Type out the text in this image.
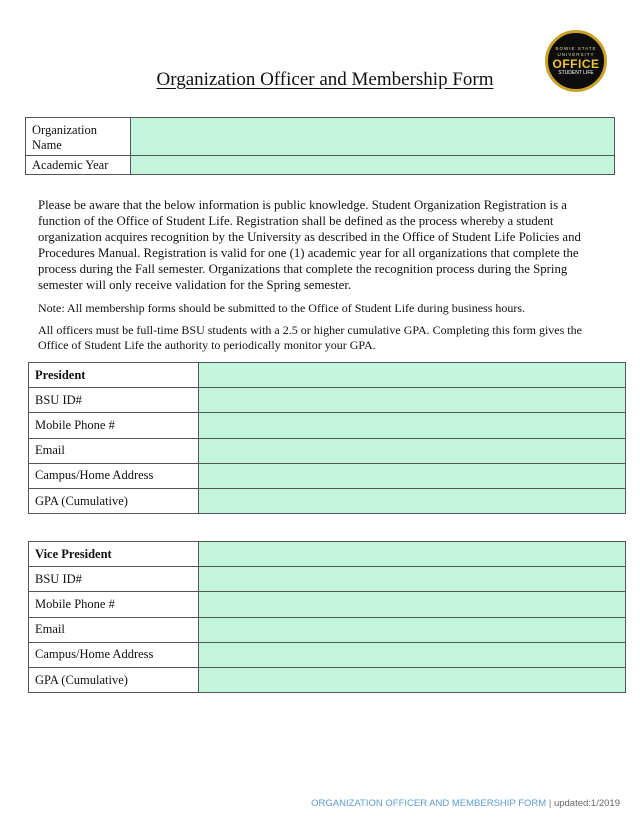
BOWIE STATE
UNIVERSITY
OFFICE
STUDENT LIFE
Organization Officer and Membership Form
Organization Name	
Academic Year	

Please be aware that the below information is public knowledge. Student Organization Registration is a function of the Office of Student Life. Registration shall be defined as the process whereby a student organization acquires recognition by the University as described in the Office of Student Life Policies and Procedures Manual. Registration is valid for one (1) academic year for all organizations that complete the process during the Fall semester. Organizations that complete the recognition process during the Spring semester will only receive validation for the Spring semester.

Note: All membership forms should be submitted to the Office of Student Life during business hours.

All officers must be full-time BSU students with a 2.5 or higher cumulative GPA. Completing this form gives the Office of Student Life the authority to periodically monitor your GPA.

President	
BSU ID#	
Mobile Phone #	
Email	
Campus/Home Address	
GPA (Cumulative)	
Vice President	
BSU ID#	
Mobile Phone #	
Email	
Campus/Home Address	
GPA (Cumulative)	
ORGANIZATION OFFICER AND MEMBERSHIP FORM | updated:1/2019
